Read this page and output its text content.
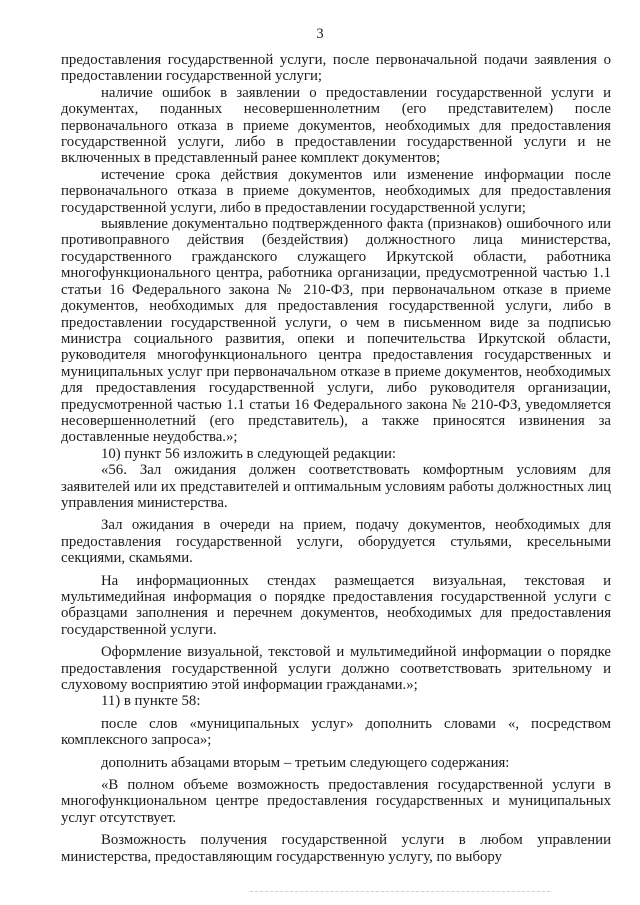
3

предоставления государственной услуги, после первоначальной подачи заявления о предоставлении государственной услуги;

наличие ошибок в заявлении о предоставлении государственной услуги и документах, поданных несовершеннолетним (его представителем) после первоначального отказа в приеме документов, необходимых для предоставления государственной услуги, либо в предоставлении государственной услуги и не включенных в представленный ранее комплект документов;

истечение срока действия документов или изменение информации после первоначального отказа в приеме документов, необходимых для предоставления государственной услуги, либо в предоставлении государственной услуги;

выявление документально подтвержденного факта (признаков) ошибочного или противоправного действия (бездействия) должностного лица министерства, государственного гражданского служащего Иркутской области, работника многофункционального центра, работника организации, предусмотренной частью 1.1 статьи 16 Федерального закона № 210-ФЗ, при первоначальном отказе в приеме документов, необходимых для предоставления государственной услуги, либо в предоставлении государственной услуги, о чем в письменном виде за подписью министра социального развития, опеки и попечительства Иркутской области, руководителя многофункционального центра предоставления государственных и муниципальных услуг при первоначальном отказе в приеме документов, необходимых для предоставления государственной услуги, либо руководителя организации, предусмотренной частью 1.1 статьи 16 Федерального закона № 210-ФЗ, уведомляется несовершеннолетний (его представитель), а также приносятся извинения за доставленные неудобства.»;

10) пункт 56 изложить в следующей редакции:

«56. Зал ожидания должен соответствовать комфортным условиям для заявителей или их представителей и оптимальным условиям работы должностных лиц управления министерства.

Зал ожидания в очереди на прием, подачу документов, необходимых для предоставления государственной услуги, оборудуется стульями, кресельными секциями, скамьями.

На информационных стендах размещается визуальная, текстовая и мультимедийная информация о порядке предоставления государственной услуги с образцами заполнения и перечнем документов, необходимых для предоставления государственной услуги.

Оформление визуальной, текстовой и мультимедийной информации о порядке предоставления государственной услуги должно соответствовать зрительному и слуховому восприятию этой информации гражданами.»;

11) в пункте 58:

после слов «муниципальных услуг» дополнить словами «, посредством комплексного запроса»;

дополнить абзацами вторым – третьим следующего содержания:

«В полном объеме возможность предоставления государственной услуги в многофункциональном центре предоставления государственных и муниципальных услуг отсутствует.

Возможность получения государственной услуги в любом управлении министерства, предоставляющим государственную услугу, по выбору
